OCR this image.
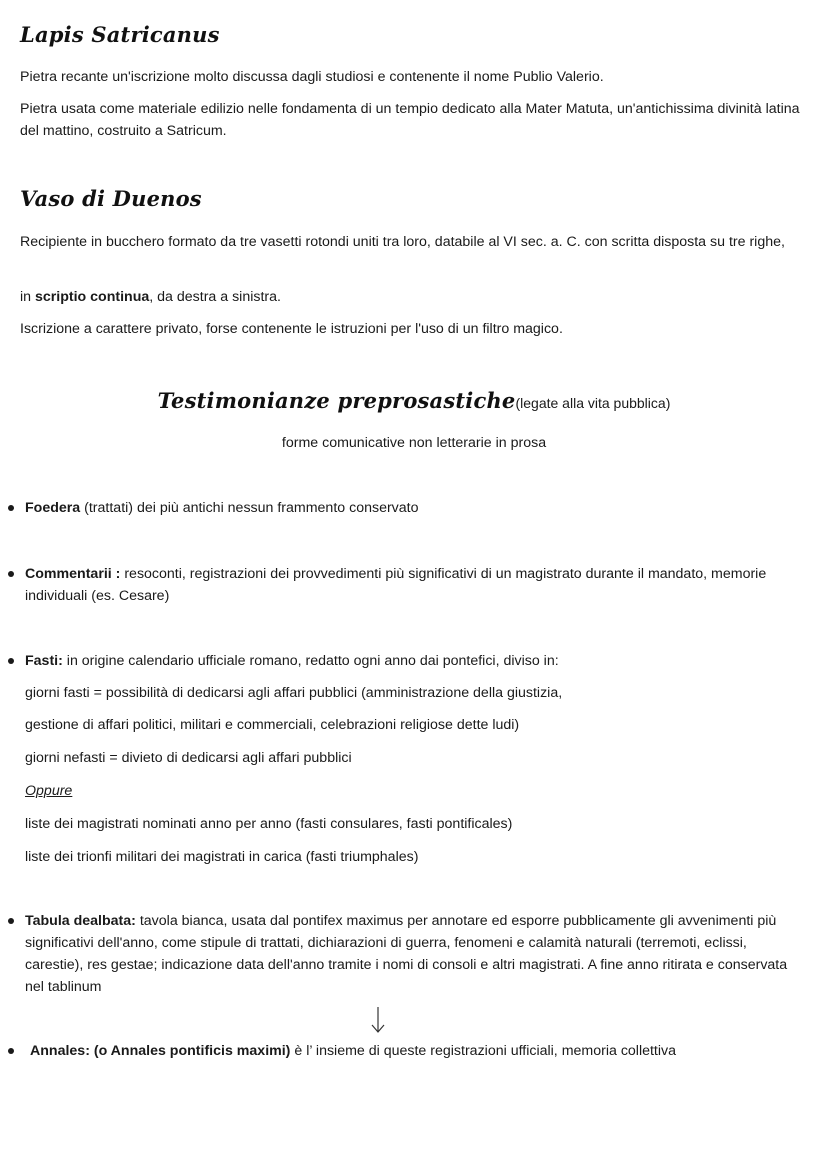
Lapis Satricanus

Pietra recante un'iscrizione molto discussa dagli studiosi e contenente il nome Publio Valerio.

Pietra usata come materiale edilizio nelle fondamenta di un tempio dedicato alla Mater Matuta, un'antichissima divinità latina del mattino, costruito a Satricum.

Vaso di Duenos

Recipiente in bucchero formato da tre vasetti rotondi uniti tra loro, databile al VI sec. a. C. con scritta disposta su tre righe,

in scriptio continua, da destra a sinistra.

Iscrizione a carattere privato, forse contenente le istruzioni per l'uso di un filtro magico.

Testimonianze preprosastiche(legate alla vita pubblica)
forme comunicative non letterarie in prosa

Foedera (trattati) dei più antichi nessun frammento conservato

Commentarii : resoconti, registrazioni dei provvedimenti più significativi di un magistrato durante il mandato, memorie individuali (es. Cesare)

Fasti: in origine calendario ufficiale romano, redatto ogni anno dai pontefici, diviso in:

giorni fasti = possibilità di dedicarsi agli affari pubblici (amministrazione della giustizia,

gestione di affari politici, militari e commerciali, celebrazioni religiose dette ludi)

giorni nefasti = divieto di dedicarsi agli affari pubblici

Oppure

liste dei magistrati nominati anno per anno (fasti consulares, fasti pontificales)

liste dei trionfi militari dei magistrati in carica (fasti triumphales)

Tabula dealbata: tavola bianca, usata dal pontifex maximus per annotare ed esporre pubblicamente gli avvenimenti più significativi dell'anno, come stipule di trattati, dichiarazioni di guerra, fenomeni e calamità naturali (terremoti, eclissi, carestie), res gestae; indicazione data dell'anno tramite i nomi di consoli e altri magistrati. A fine anno ritirata e conservata nel tablinum

Annales: (o Annales pontificis maximi) è l’ insieme di queste registrazioni ufficiali, memoria collettiva
